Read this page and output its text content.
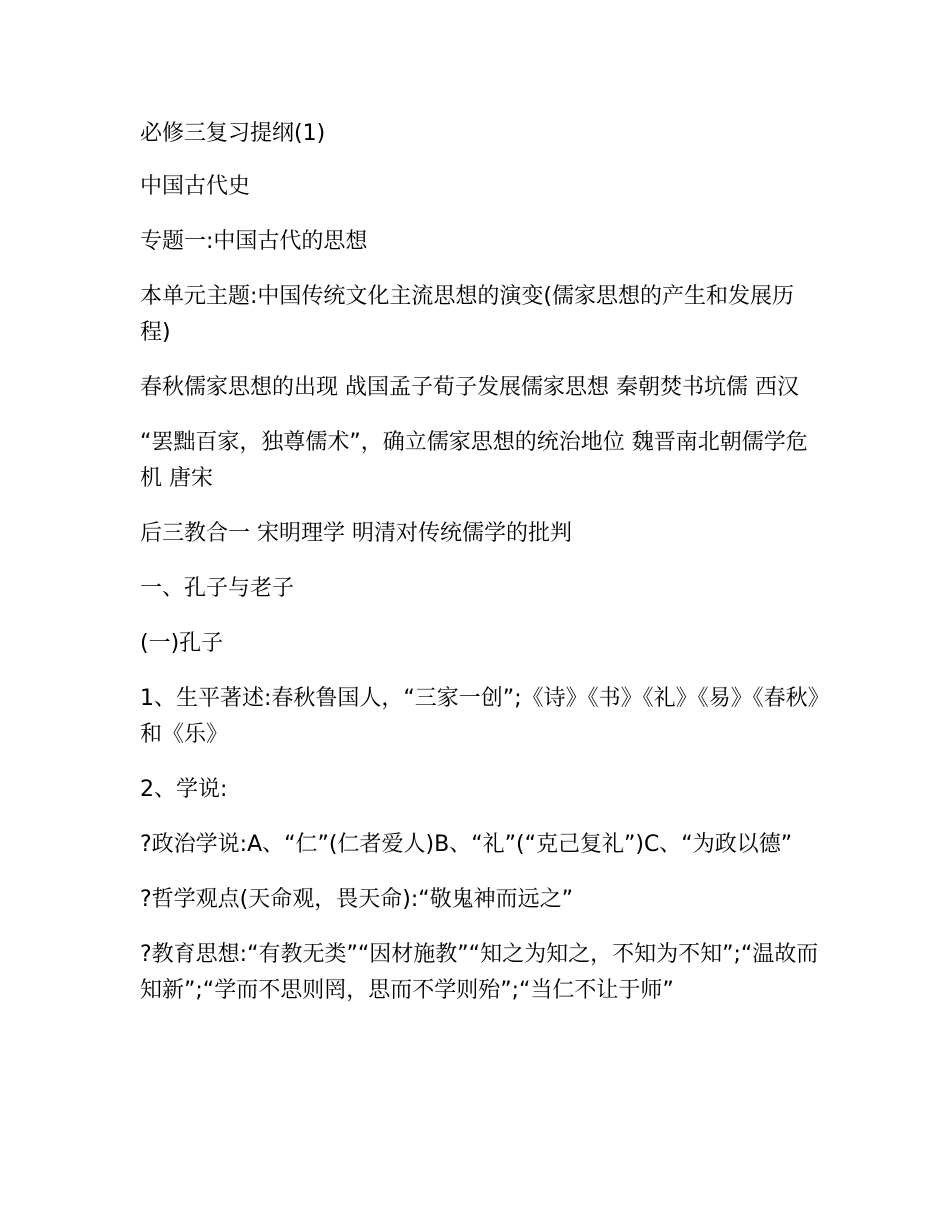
必修三复习提纲(1)

中国古代史

专题一:中国古代的思想

本单元主题:中国传统文化主流思想的演变(儒家思想的产生和发展历程)

春秋儒家思想的出现 战国孟子荀子发展儒家思想 秦朝焚书坑儒 西汉

“罢黜百家，独尊儒术”，确立儒家思想的统治地位 魏晋南北朝儒学危机 唐宋

后三教合一 宋明理学 明清对传统儒学的批判

一、孔子与老子

(一)孔子

1、生平著述:春秋鲁国人，“三家一创”;《诗》《书》《礼》《易》《春秋》和《乐》

2、学说:

?政治学说:A、“仁”(仁者爱人)B、“礼”(“克己复礼”)C、“为政以德”

?哲学观点(天命观，畏天命):“敬鬼神而远之”

?教育思想:“有教无类”“因材施教”“知之为知之，不知为不知”;“温故而知新”;“学而不思则罔，思而不学则殆”;“当仁不让于师”
